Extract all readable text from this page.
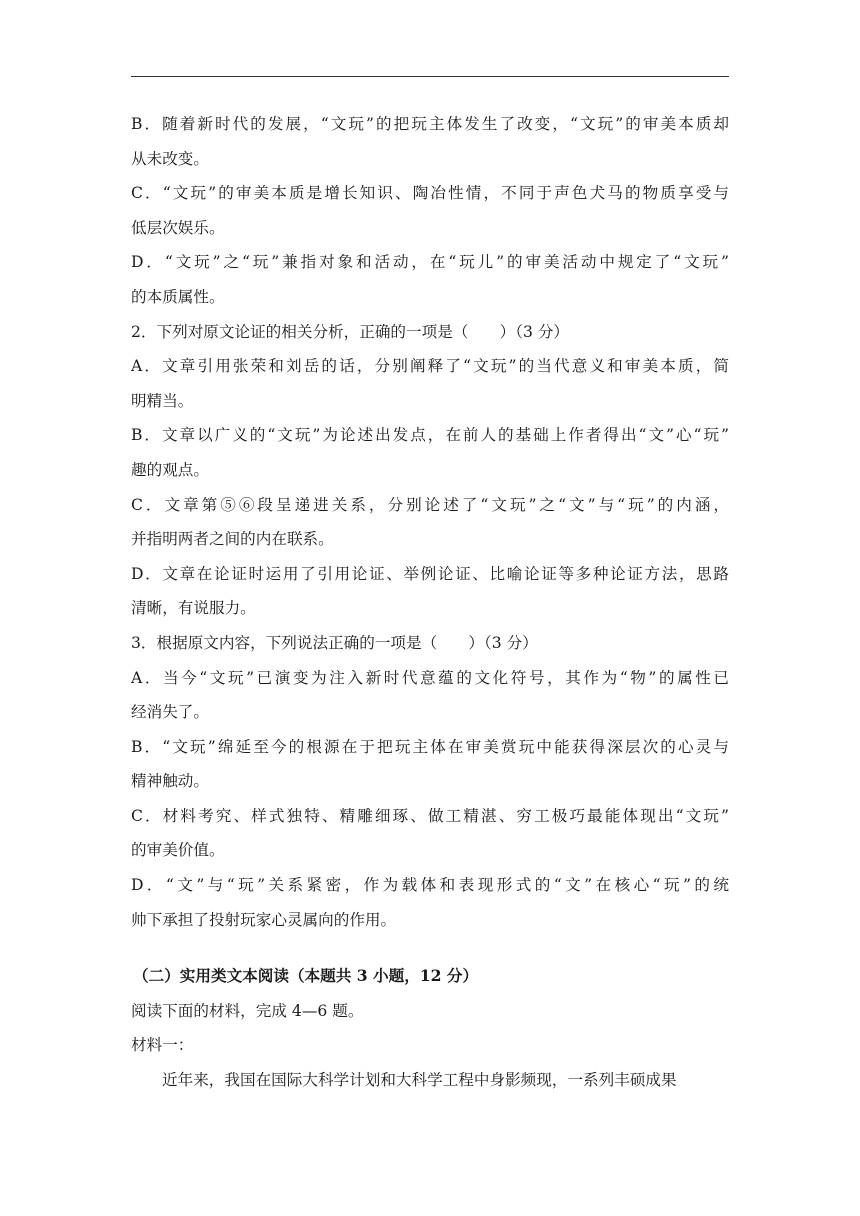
B．随着新时代的发展，“文玩”的把玩主体发生了改变，“文玩”的审美本质却
从未改变。
C．“文玩”的审美本质是增长知识、陶冶性情，不同于声色犬马的物质享受与
低层次娱乐。
D．“文玩”之“玩”兼指对象和活动，在“玩儿”的审美活动中规定了“文玩”
的本质属性。
2．下列对原文论证的相关分析，正确的一项是（　　）（3 分）
A．文章引用张荣和刘岳的话，分别阐释了“文玩”的当代意义和审美本质，简
明精当。
B．文章以广义的“文玩”为论述出发点，在前人的基础上作者得出“文”心“玩”
趣的观点。
C．文章第⑤⑥段呈递进关系，分别论述了“文玩”之“文”与“玩”的内涵，
并指明两者之间的内在联系。
D．文章在论证时运用了引用论证、举例论证、比喻论证等多种论证方法，思路
清晰，有说服力。
3．根据原文内容，下列说法正确的一项是（　　）（3 分）
A．当今“文玩”已演变为注入新时代意蕴的文化符号，其作为“物”的属性已
经消失了。
B．“文玩”绵延至今的根源在于把玩主体在审美赏玩中能获得深层次的心灵与
精神触动。
C．材料考究、样式独特、精雕细琢、做工精湛、穷工极巧最能体现出“文玩”
的审美价值。
D．“文”与“玩”关系紧密，作为载体和表现形式的“文”在核心“玩”的统
帅下承担了投射玩家心灵属向的作用。
（二）实用类文本阅读（本题共 3 小题，12 分）
阅读下面的材料，完成 4—6 题。
材料一：
近年来，我国在国际大科学计划和大科学工程中身影频现，一系列丰硕成果
